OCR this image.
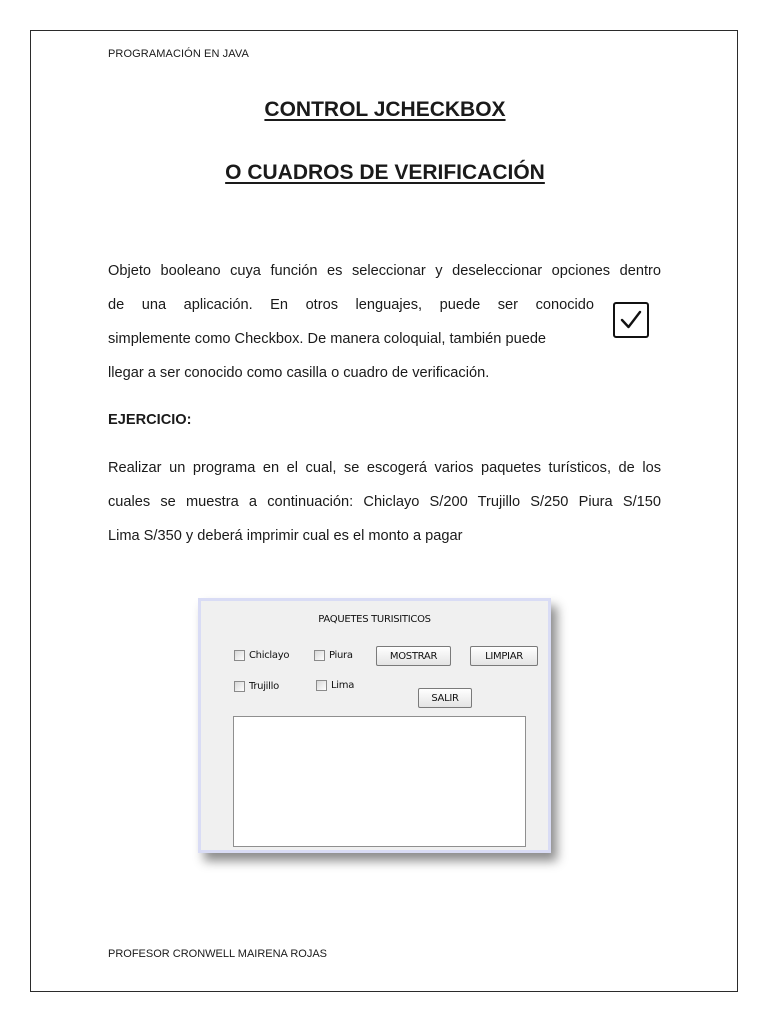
PROGRAMACIÓN EN JAVA
CONTROL JCHECKBOX
O CUADROS DE VERIFICACIÓN
Objeto booleano cuya función es seleccionar y deseleccionar opciones dentro
de una aplicación. En otros lenguajes, puede ser conocido
simplemente como Checkbox. De manera coloquial, también puede
llegar a ser conocido como casilla o cuadro de verificación.
EJERCICIO:
Realizar un programa en el cual, se escogerá varios paquetes turísticos, de los
cuales se muestra a continuación: Chiclayo S/200 Trujillo S/250 Piura S/150
Lima S/350 y deberá imprimir cual es el monto a pagar
PAQUETES TURISITICOS
Chiclayo	Piura
Trujillo	Lima
MOSTRAR	LIMPIAR
SALIR
PROFESOR CRONWELL MAIRENA ROJAS
